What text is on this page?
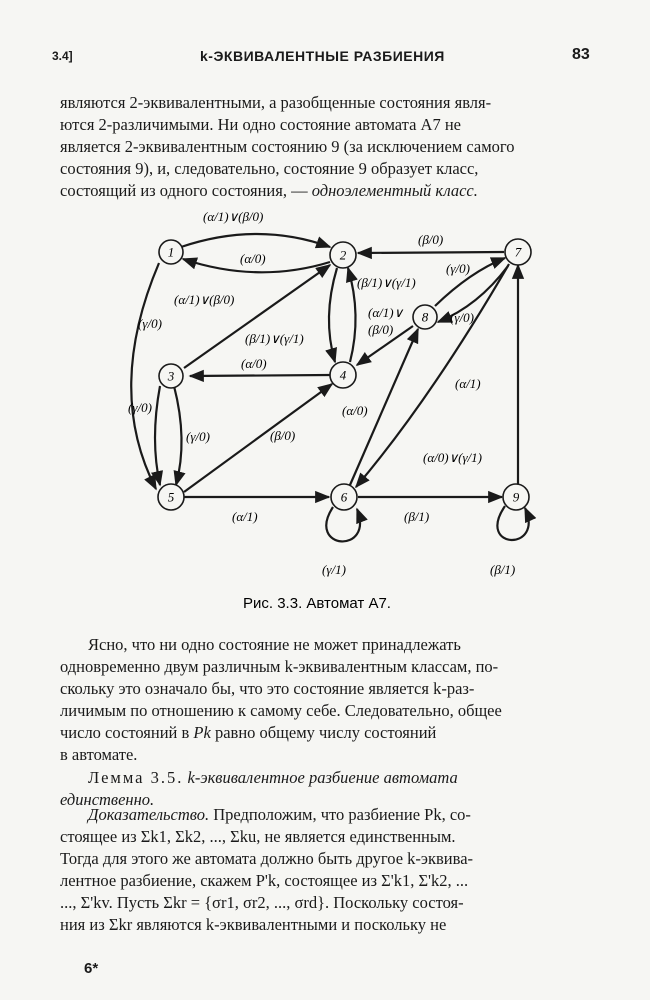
3.4]	k-ЭКВИВАЛЕНТНЫЕ РАЗБИЕНИЯ	83
являются 2-эквивалентными, а разобщенные состояния явля-
ются 2-различимыми. Ни одно состояние автомата A7 не
является 2-эквивалентным состоянию 9 (за исключением самого
состояния 9), и, следовательно, состояние 9 образует класс,
состоящий из одного состояния, — одноэлементный класс.
1	2
3	4
5	6
7
8
9
(α/1)∨(β/0)
(α/0)
(β/0)
(α/1)∨(β/0)
(γ/0)
(β/1)∨(γ/1)
(β/1)∨(γ/1)
(γ/0)
(α/1)∨
(β/0)
(γ/0)
(α/0)
(α/1)
(γ/0)
(γ/0)	(β/0)
(α/0)
(α/0)∨(γ/1)
(α/1)	(β/1)
(γ/1)	(β/1)
Рис. 3.3. Автомат A7.
Ясно, что ни одно состояние не может принадлежать
одновременно двум различным k-эквивалентным классам, по-
скольку это означало бы, что это состояние является k-раз-
личимым по отношению к самому себе. Следовательно, общее
число состояний в Pk равно общему числу состояний
в автомате.
Лемма 3.5. k-эквивалентное разбиение автомата
единственно.
Доказательство. Предположим, что разбиение Pk, со-
стоящее из Σk1, Σk2, ..., Σku, не является единственным.
Тогда для этого же автомата должно быть другое k-эквива-
лентное разбиение, скажем P'k, состоящее из Σ'k1, Σ'k2, ...
..., Σ'kv. Пусть Σkr = {σr1, σr2, ..., σrd}. Поскольку состоя-
ния из Σkr являются k-эквивалентными и поскольку не
6*
